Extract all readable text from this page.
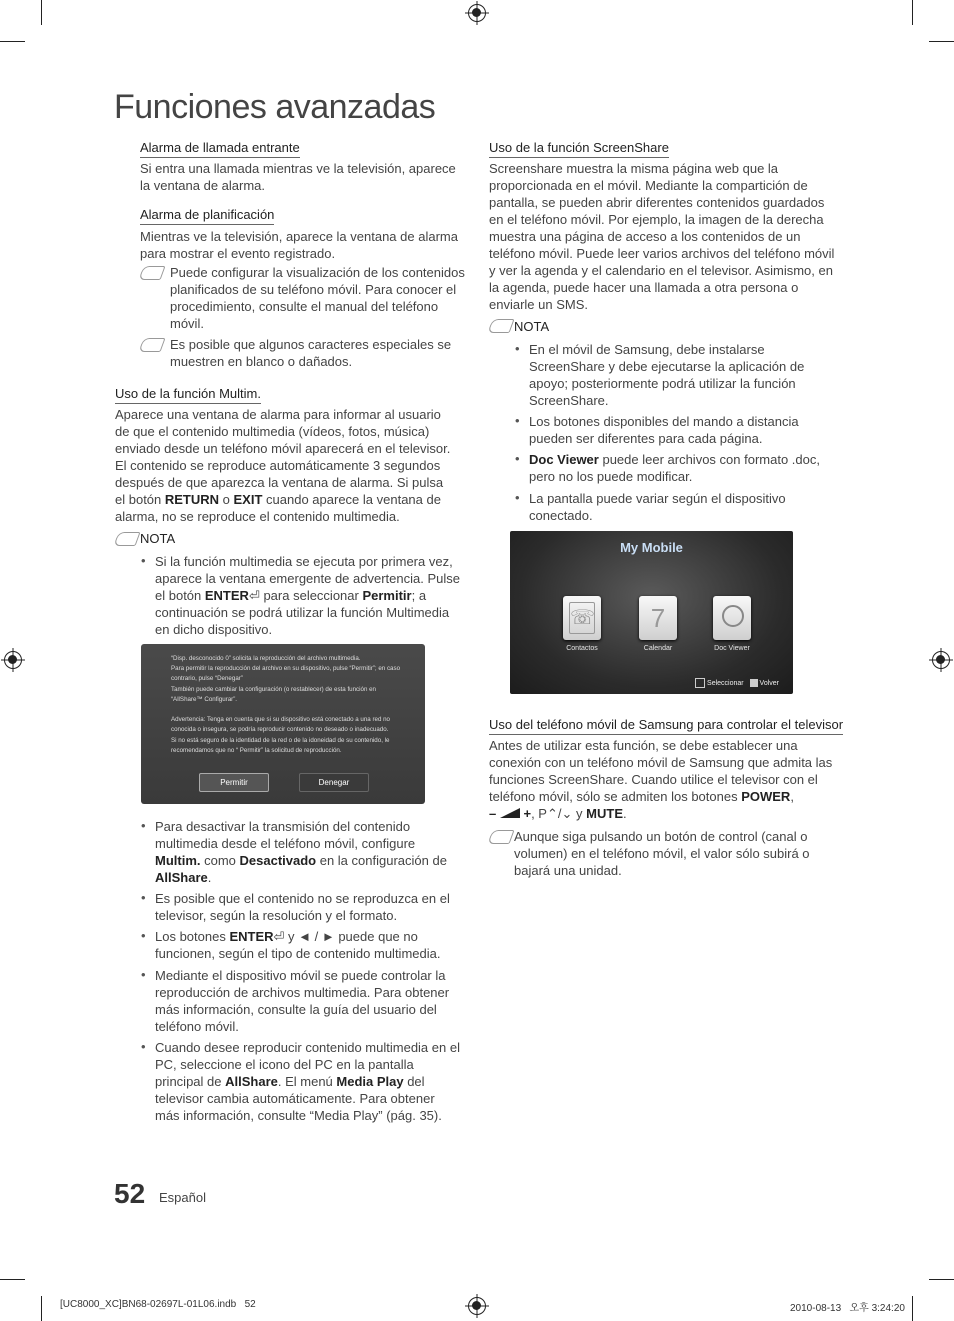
Funciones avanzadas
Alarma de llamada entrante
Si entra una llamada mientras ve la televisión, aparece la ventana de alarma.
Alarma de planificación
Mientras ve la televisión, aparece la ventana de alarma para mostrar el evento registrado.
Puede configurar la visualización de los contenidos planificados de su teléfono móvil. Para conocer el procedimiento, consulte el manual del teléfono móvil.
Es posible que algunos caracteres especiales se muestren en blanco o dañados.
Uso de la función Multim.
Aparece una ventana de alarma para informar al usuario de que el contenido multimedia (vídeos, fotos, música) enviado desde un teléfono móvil aparecerá en el televisor. El contenido se reproduce automáticamente 3 segundos después de que aparezca la ventana de alarma. Si pulsa el botón RETURN o EXIT cuando aparece la ventana de alarma, no se reproduce el contenido multimedia.
NOTA
• Si la función multimedia se ejecuta por primera vez, aparece la ventana emergente de advertencia. Pulse el botón ENTER⏎ para seleccionar Permitir; a continuación se podrá utilizar la función Multimedia en dicho dispositivo.
“Disp. desconocido 0” solicita la reproducción del archivo multimedia.
Para permitir la reproducción del archivo en su dispositivo, pulse “Permitir”; en caso contrario, pulse “Denegar”
También puede cambiar la configuración (o restablecer) de esta función en “AllShare™ Configurar”.

Advertencia: Tenga en cuenta que si su dispositivo está conectado a una red no conocida o insegura, se podría reproducir contenido no deseado o inadecuado.
Si no está seguro de la identidad de la red o de la idoneidad de su contenido, le recomendamos que no “ Permitir” la solicitud de reproducción.
Permitir	Denegar
• Para desactivar la transmisión del contenido multimedia desde el teléfono móvil, configure Multim. como Desactivado en la configuración de AllShare.
• Es posible que el contenido no se reproduzca en el televisor, según la resolución y el formato.
• Los botones ENTER⏎ y ◄ / ► puede que no funcionen, según el tipo de contenido multimedia.
• Mediante el dispositivo móvil se puede controlar la reproducción de archivos multimedia. Para obtener más información, consulte la guía del usuario del teléfono móvil.
• Cuando desee reproducir contenido multimedia en el PC, seleccione el icono del PC en la pantalla principal de AllShare. El menú Media Play del televisor cambia automáticamente. Para obtener más información, consulte “Media Play” (pág. 35).
Uso de la función ScreenShare
Screenshare muestra la misma página web que la proporcionada en el móvil. Mediante la compartición de pantalla, se pueden abrir diferentes contenidos guardados en el teléfono móvil. Por ejemplo, la imagen de la derecha muestra una página de acceso a los contenidos de un teléfono móvil. Puede leer varios archivos del teléfono móvil y ver la agenda y el calendario en el televisor. Asimismo, en la agenda, puede hacer una llamada a otra persona o enviarle un SMS.
NOTA
• En el móvil de Samsung, debe instalarse ScreenShare y debe ejecutarse la aplicación de apoyo; posteriormente podrá utilizar la función ScreenShare.
• Los botones disponibles del mando a distancia pueden ser diferentes para cada página.
• Doc Viewer puede leer archivos con formato .doc, pero no los puede modificar.
• La pantalla puede variar según el dispositivo conectado.
My Mobile
☏	7
Contactos	Calendar	Doc Viewer
Seleccionar Volver
Uso del teléfono móvil de Samsung para controlar el televisor
Antes de utilizar esta función, se debe establecer una conexión con un teléfono móvil de Samsung que admita las funciones ScreenShare. Cuando utilice el televisor con el teléfono móvil, sólo se admiten los botones POWER,
– +, P⌃/⌄ y MUTE.
Aunque siga pulsando un botón de control (canal o volumen) en el teléfono móvil, el valor sólo subirá o bajará una unidad.
52 Español
[UC8000_XC]BN68-02697L-01L06.indb   52	2010-08-13   오후 3:24:20
